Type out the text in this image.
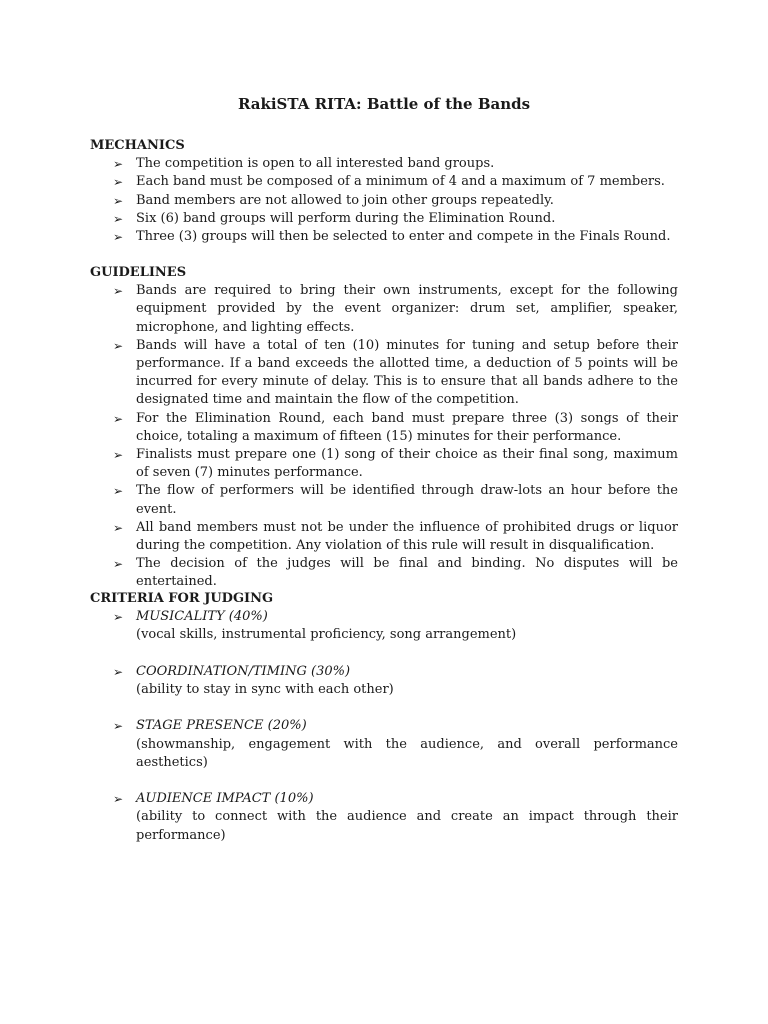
RakiSTA RITA: Battle of the Bands
MECHANICS
➢ The competition is open to all interested band groups.
➢ Each band must be composed of a minimum of 4 and a maximum of 7 members.
➢ Band members are not allowed to join other groups repeatedly.
➢ Six (6) band groups will perform during the Elimination Round.
➢ Three (3) groups will then be selected to enter and compete in the Finals Round.
GUIDELINES
➢ Bands are required to bring their own instruments, except for the following equipment provided by the event organizer: drum set, amplifier, speaker, microphone, and lighting effects.
➢ Bands will have a total of ten (10) minutes for tuning and setup before their performance. If a band exceeds the allotted time, a deduction of 5 points will be incurred for every minute of delay. This is to ensure that all bands adhere to the designated time and maintain the flow of the competition.
➢ For the Elimination Round, each band must prepare three (3) songs of their choice, totaling a maximum of fifteen (15) minutes for their performance.
➢ Finalists must prepare one (1) song of their choice as their final song, maximum of seven (7) minutes performance.
➢ The flow of performers will be identified through draw-lots an hour before the event.
➢ All band members must not be under the influence of prohibited drugs or liquor during the competition. Any violation of this rule will result in disqualification.
➢ The decision of the judges will be final and binding. No disputes will be entertained.
CRITERIA FOR JUDGING
➢ MUSICALITY (40%)
(vocal skills, instrumental proficiency, song arrangement)
➢ COORDINATION/TIMING (30%)
(ability to stay in sync with each other)
➢ STAGE PRESENCE (20%)
(showmanship, engagement with the audience, and overall performance aesthetics)
➢ AUDIENCE IMPACT (10%)
(ability to connect with the audience and create an impact through their performance)
